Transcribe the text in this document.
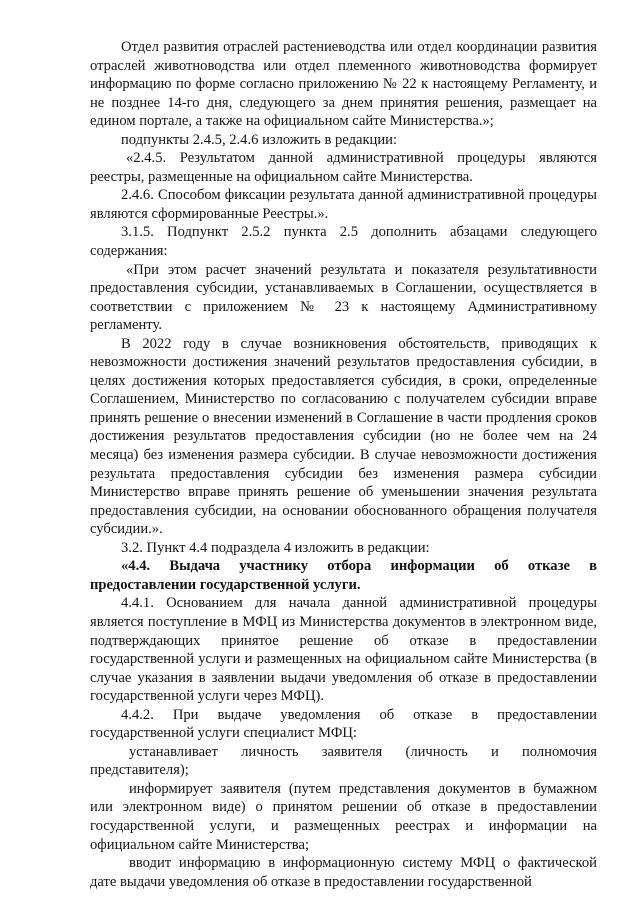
Отдел развития отраслей растениеводства или отдел координации развития отраслей животноводства или отдел племенного животноводства формирует информацию по форме согласно приложению № 22 к настоящему Регламенту, и не позднее 14-го дня, следующего за днем принятия решения, размещает на едином портале, а также на официальном сайте Министерства.»;

подпункты 2.4.5, 2.4.6 изложить в редакции:

«2.4.5. Результатом данной административной процедуры являются реестры, размещенные на официальном сайте Министерства.

2.4.6. Способом фиксации результата данной административной процедуры являются сформированные Реестры.».

3.1.5. Подпункт 2.5.2 пункта 2.5 дополнить абзацами следующего содержания:

«При этом расчет значений результата и показателя результативности предоставления субсидии, устанавливаемых в Соглашении, осуществляется в соответствии с приложением № 23 к настоящему Административному регламенту.

В 2022 году в случае возникновения обстоятельств, приводящих к невозможности достижения значений результатов предоставления субсидии, в целях достижения которых предоставляется субсидия, в сроки, определенные Соглашением, Министерство по согласованию с получателем субсидии вправе принять решение о внесении изменений в Соглашение в части продления сроков достижения результатов предоставления субсидии (но не более чем на 24 месяца) без изменения размера субсидии. В случае невозможности достижения результата предоставления субсидии без изменения размера субсидии Министерство вправе принять решение об уменьшении значения результата предоставления субсидии, на основании обоснованного обращения получателя субсидии.».

3.2. Пункт 4.4 подраздела 4 изложить в редакции:

«4.4. Выдача участнику отбора информации об отказе в предоставлении государственной услуги.

4.4.1. Основанием для начала данной административной процедуры является поступление в МФЦ из Министерства документов в электронном виде, подтверждающих принятое решение об отказе в предоставлении государственной услуги и размещенных на официальном сайте Министерства (в случае указания в заявлении выдачи уведомления об отказе в предоставлении государственной услуги через МФЦ).

4.4.2. При выдаче уведомления об отказе в предоставлении государственной услуги специалист МФЦ:

устанавливает личность заявителя (личность и полномочия представителя);

информирует заявителя (путем представления документов в бумажном или электронном виде) о принятом решении об отказе в предоставлении государственной услуги, и размещенных реестрах и информации на официальном сайте Министерства;

вводит информацию в информационную систему МФЦ о фактической дате выдачи уведомления об отказе в предоставлении государственной
